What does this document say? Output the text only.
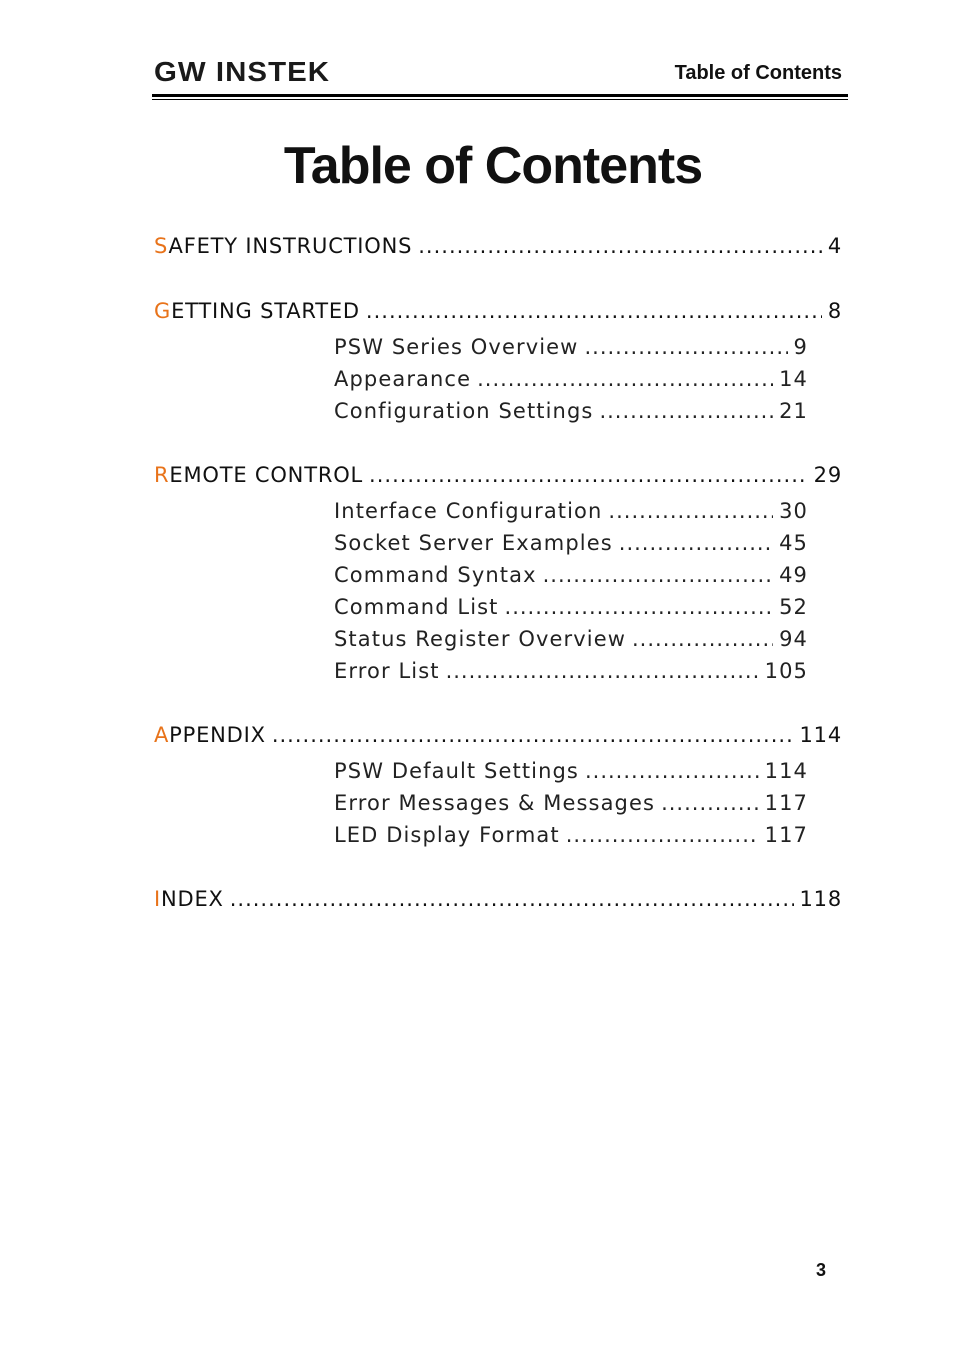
GW INSTEK	Table of Contents
Table of Contents
SAFETY INSTRUCTIONS .....	4
GETTING STARTED .....	8
PSW Series Overview .....	9
Appearance .....	14
Configuration Settings .....	21
REMOTE CONTROL .....	29
Interface Configuration .....	30
Socket Server Examples .....	45
Command Syntax .....	49
Command List .....	52
Status Register Overview .....	94
Error List .....	105
APPENDIX .....	114
PSW Default Settings .....	114
Error Messages & Messages .....	117
LED Display Format .....	117
INDEX .....	118
3
